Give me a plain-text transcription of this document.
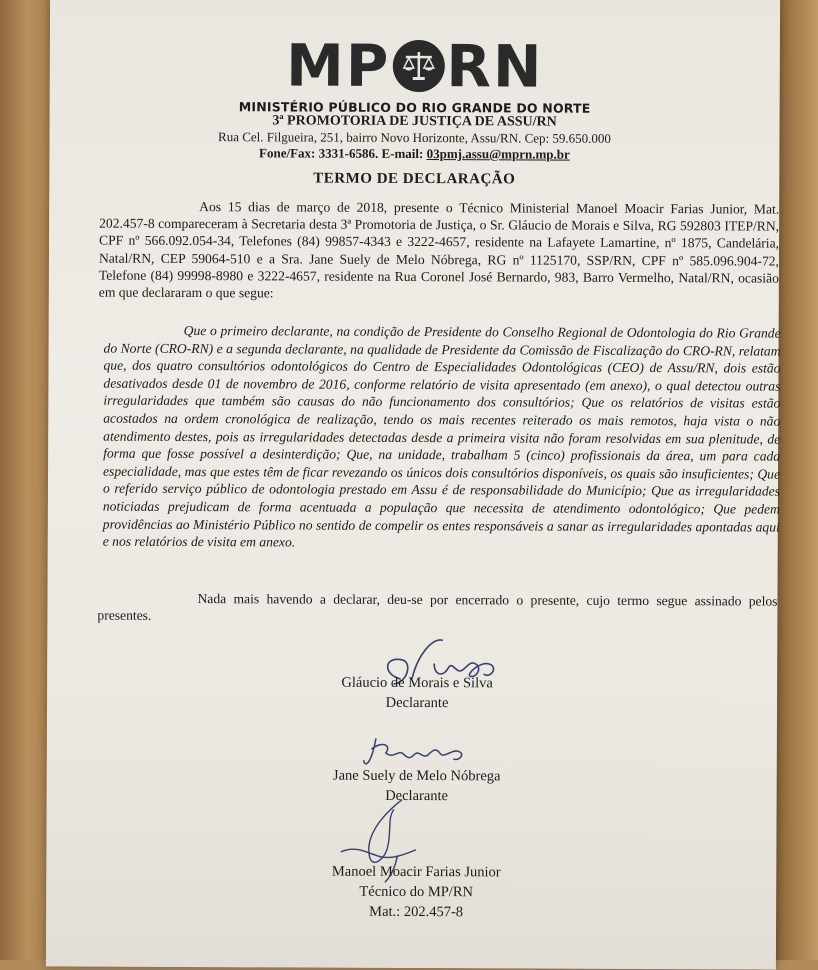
MP RN
MINISTÉRIO PÚBLICO DO RIO GRANDE DO NORTE
3ª PROMOTORIA DE JUSTIÇA DE ASSU/RN
Rua Cel. Filgueira, 251, bairro Novo Horizonte, Assu/RN. Cep: 59.650.000
Fone/Fax: 3331-6586. E-mail: 03pmj.assu@mprn.mp.br
TERMO DE DECLARAÇÃO
Aos 15 dias de março de 2018, presente o Técnico Ministerial Manoel Moacir Farias Junior, Mat. 202.457-8 compareceram à Secretaria desta 3ª Promotoria de Justiça, o Sr. Gláucio de Morais e Silva, RG 592803 ITEP/RN, CPF nº 566.092.054-34, Telefones (84) 99857-4343 e 3222-4657, residente na Lafayete Lamartine, nº 1875, Candelária, Natal/RN, CEP 59064-510 e a Sra. Jane Suely de Melo Nóbrega, RG nº 1125170, SSP/RN, CPF nº 585.096.904-72, Telefone (84) 99998-8980 e 3222-4657, residente na Rua Coronel José Bernardo, 983, Barro Vermelho, Natal/RN, ocasião em que declararam o que segue:
Que o primeiro declarante, na condição de Presidente do Conselho Regional de Odontologia do Rio Grande do Norte (CRO-RN) e a segunda declarante, na qualidade de Presidente da Comissão de Fiscalização do CRO-RN, relatam que, dos quatro consultórios odontológicos do Centro de Especialidades Odontológicas (CEO) de Assu/RN, dois estão desativados desde 01 de novembro de 2016, conforme relatório de visita apresentado (em anexo), o qual detectou outras irregularidades que também são causas do não funcionamento dos consultórios; Que os relatórios de visitas estão acostados na ordem cronológica de realização, tendo os mais recentes reiterado os mais remotos, haja vista o não atendimento destes, pois as irregularidades detectadas desde a primeira visita não foram resolvidas em sua plenitude, de forma que fosse possível a desinterdição; Que, na unidade, trabalham 5 (cinco) profissionais da área, um para cada especialidade, mas que estes têm de ficar revezando os únicos dois consultórios disponíveis, os quais são insuficientes; Que o referido serviço público de odontologia prestado em Assu é de responsabilidade do Município; Que as irregularidades noticiadas prejudicam de forma acentuada a população que necessita de atendimento odontológico; Que pedem providências ao Ministério Público no sentido de compelir os entes responsáveis a sanar as irregularidades apontadas aqui e nos relatórios de visita em anexo.
Nada mais havendo a declarar, deu-se por encerrado o presente, cujo termo segue assinado pelos presentes.
Gláucio de Morais e Silva
Declarante
Jane Suely de Melo Nóbrega
Declarante
Manoel Moacir Farias Junior
Técnico do MP/RN
Mat.: 202.457-8
